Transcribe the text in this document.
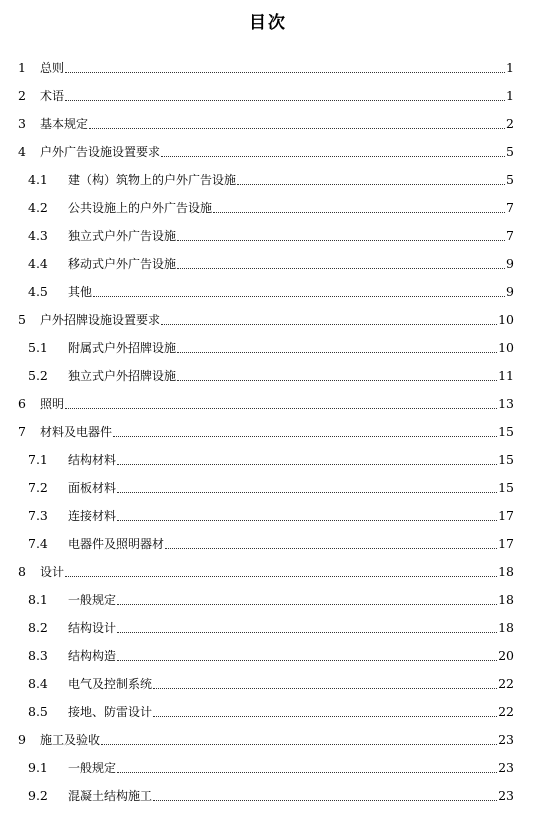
目次
1	总则	1
2	术语	1
3	基本规定	2
4	户外广告设施设置要求	5
4.1	建（构）筑物上的户外广告设施	5
4.2	公共设施上的户外广告设施	7
4.3	独立式户外广告设施	7
4.4	移动式户外广告设施	9
4.5	其他	9
5	户外招牌设施设置要求	10
5.1	附属式户外招牌设施	10
5.2	独立式户外招牌设施	11
6	照明	13
7	材料及电器件	15
7.1	结构材料	15
7.2	面板材料	15
7.3	连接材料	17
7.4	电器件及照明器材	17
8	设计	18
8.1	一般规定	18
8.2	结构设计	18
8.3	结构构造	20
8.4	电气及控制系统	22
8.5	接地、防雷设计	22
9	施工及验收	23
9.1	一般规定	23
9.2	混凝土结构施工	23
